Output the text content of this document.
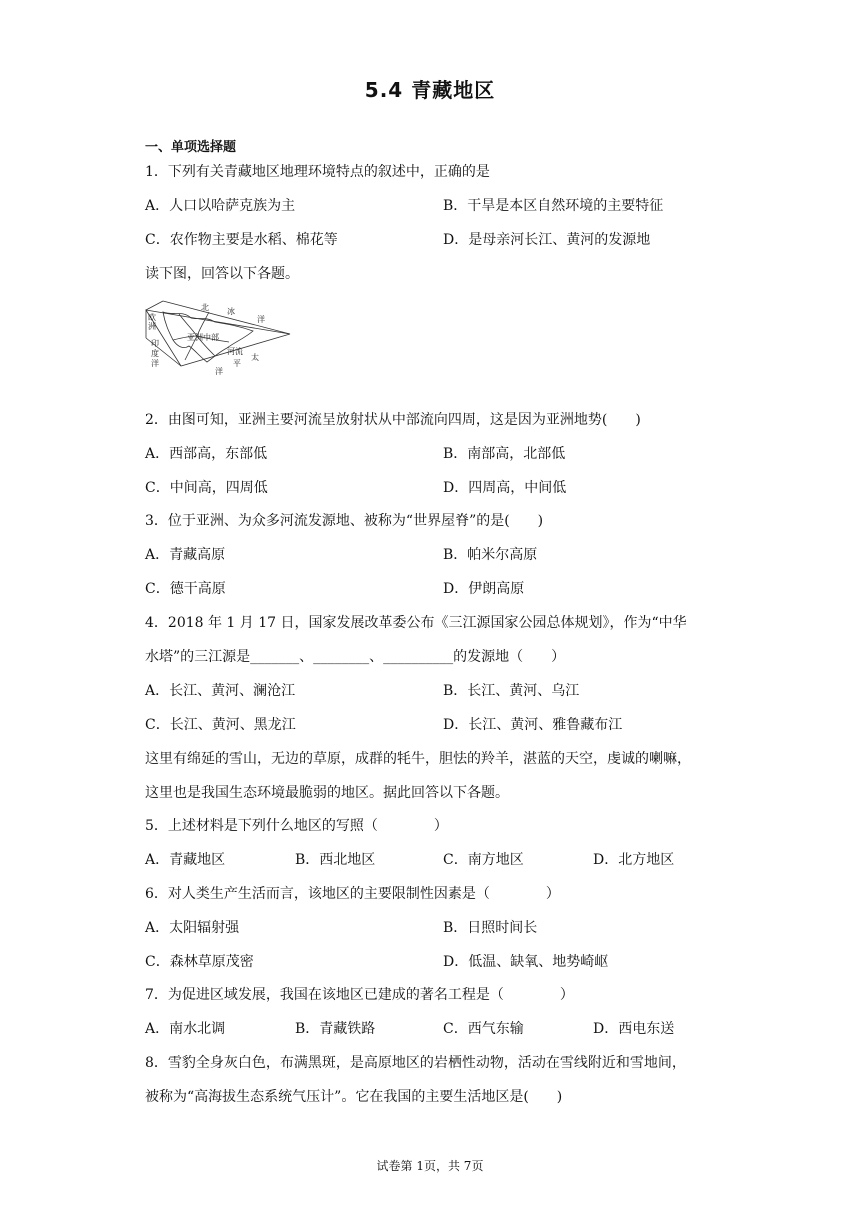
5.4 青藏地区
一、单项选择题
1．下列有关青藏地区地理环境特点的叙述中，正确的是
A．人口以哈萨克族为主	B．干旱是本区自然环境的主要特征
C．农作物主要是水稻、棉花等	D．是母亲河长江、黄河的发源地
读下图，回答以下各题。
北 冰
洋
欧
洲
亚洲中部
河流
印
度
洋
太
平
洋
2．由图可知，亚洲主要河流呈放射状从中部流向四周，这是因为亚洲地势(　　)
A．西部高，东部低	B．南部高，北部低
C．中间高，四周低	D．四周高，中间低
3．位于亚洲、为众多河流发源地、被称为“世界屋脊”的是(　　)
A．青藏高原	B．帕米尔高原
C．德干高原	D．伊朗高原
4．2018 年 1 月 17 日，国家发展改革委公布《三江源国家公园总体规划》，作为“中华
水塔”的三江源是_______、________、__________的发源地（　　）
A．长江、黄河、澜沧江	B．长江、黄河、乌江
C．长江、黄河、黑龙江	D．长江、黄河、雅鲁藏布江
这里有绵延的雪山，无边的草原，成群的牦牛，胆怯的羚羊，湛蓝的天空，虔诚的喇嘛，
这里也是我国生态环境最脆弱的地区。据此回答以下各题。
5．上述材料是下列什么地区的写照（　　　　）
A．青藏地区	B．西北地区	C．南方地区	D．北方地区
6．对人类生产生活而言，该地区的主要限制性因素是（　　　　）
A．太阳辐射强	B．日照时间长
C．森林草原茂密	D．低温、缺氧、地势崎岖
7．为促进区域发展，我国在该地区已建成的著名工程是（　　　　）
A．南水北调	B．青藏铁路	C．西气东输	D．西电东送
8．雪豹全身灰白色，布满黑斑，是高原地区的岩栖性动物，活动在雪线附近和雪地间，
被称为“高海拔生态系统气压计”。它在我国的主要生活地区是(　　)
试卷第 1页，共 7页
